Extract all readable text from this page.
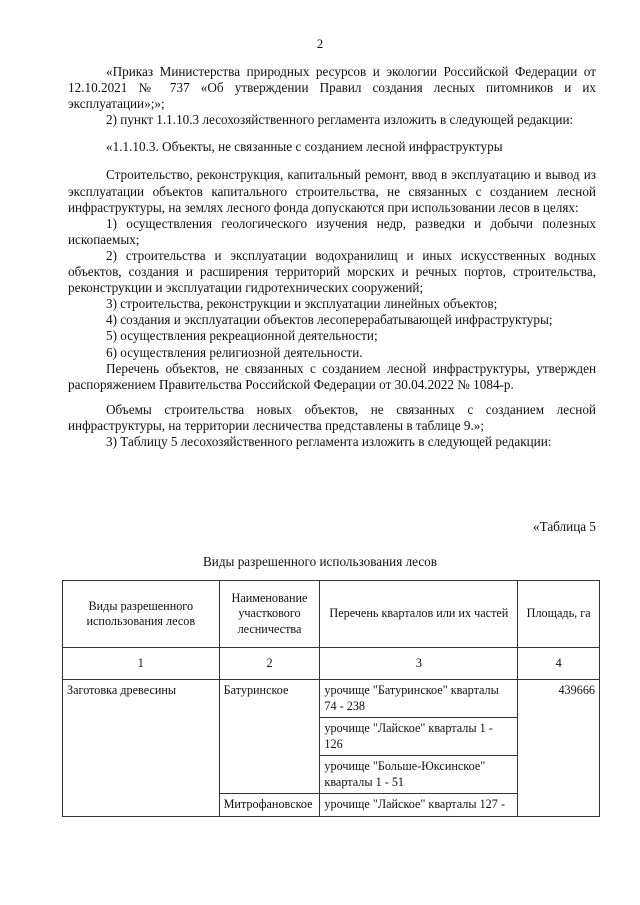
2

«Приказ Министерства природных ресурсов и экологии Российской Федерации от 12.10.2021 № 737 «Об утверждении Правил создания лесных питомников и их эксплуатации»;»;

2) пункт 1.1.10.3 лесохозяйственного регламента изложить в следующей редакции:

«1.1.10.3. Объекты, не связанные с созданием лесной инфраструктуры

Строительство, реконструкция, капитальный ремонт, ввод в эксплуатацию и вывод из эксплуатации объектов капитального строительства, не связанных с созданием лесной инфраструктуры, на землях лесного фонда допускаются при использовании лесов в целях:

1) осуществления геологического изучения недр, разведки и добычи полезных ископаемых;

2) строительства и эксплуатации водохранилищ и иных искусственных водных объектов, создания и расширения территорий морских и речных портов, строительства, реконструкции и эксплуатации гидротехнических сооружений;

3) строительства, реконструкции и эксплуатации линейных объектов;

4) создания и эксплуатации объектов лесоперерабатывающей инфраструктуры;

5) осуществления рекреационной деятельности;

6) осуществления религиозной деятельности.

Перечень объектов, не связанных с созданием лесной инфраструктуры, утвержден распоряжением Правительства Российской Федерации от 30.04.2022 № 1084-р.

Объемы строительства новых объектов, не связанных с созданием лесной инфраструктуры, на территории лесничества представлены в таблице 9.»;

3) Таблицу 5 лесохозяйственного регламента изложить в следующей редакции:

«Таблица 5
Виды разрешенного использования лесов
Виды разрешенного использования лесов	Наименование участкового лесничества	Перечень кварталов или их частей	Площадь, га
1	2	3	4
Заготовка древесины	Батуринское	урочище "Батуринское" кварталы 74 - 238	439666
		урочище "Лайское" кварталы 1 - 126	
		урочище "Больше-Юксинское" кварталы 1 - 51	
	Митрофановское	урочище "Лайское" кварталы 127 -	
